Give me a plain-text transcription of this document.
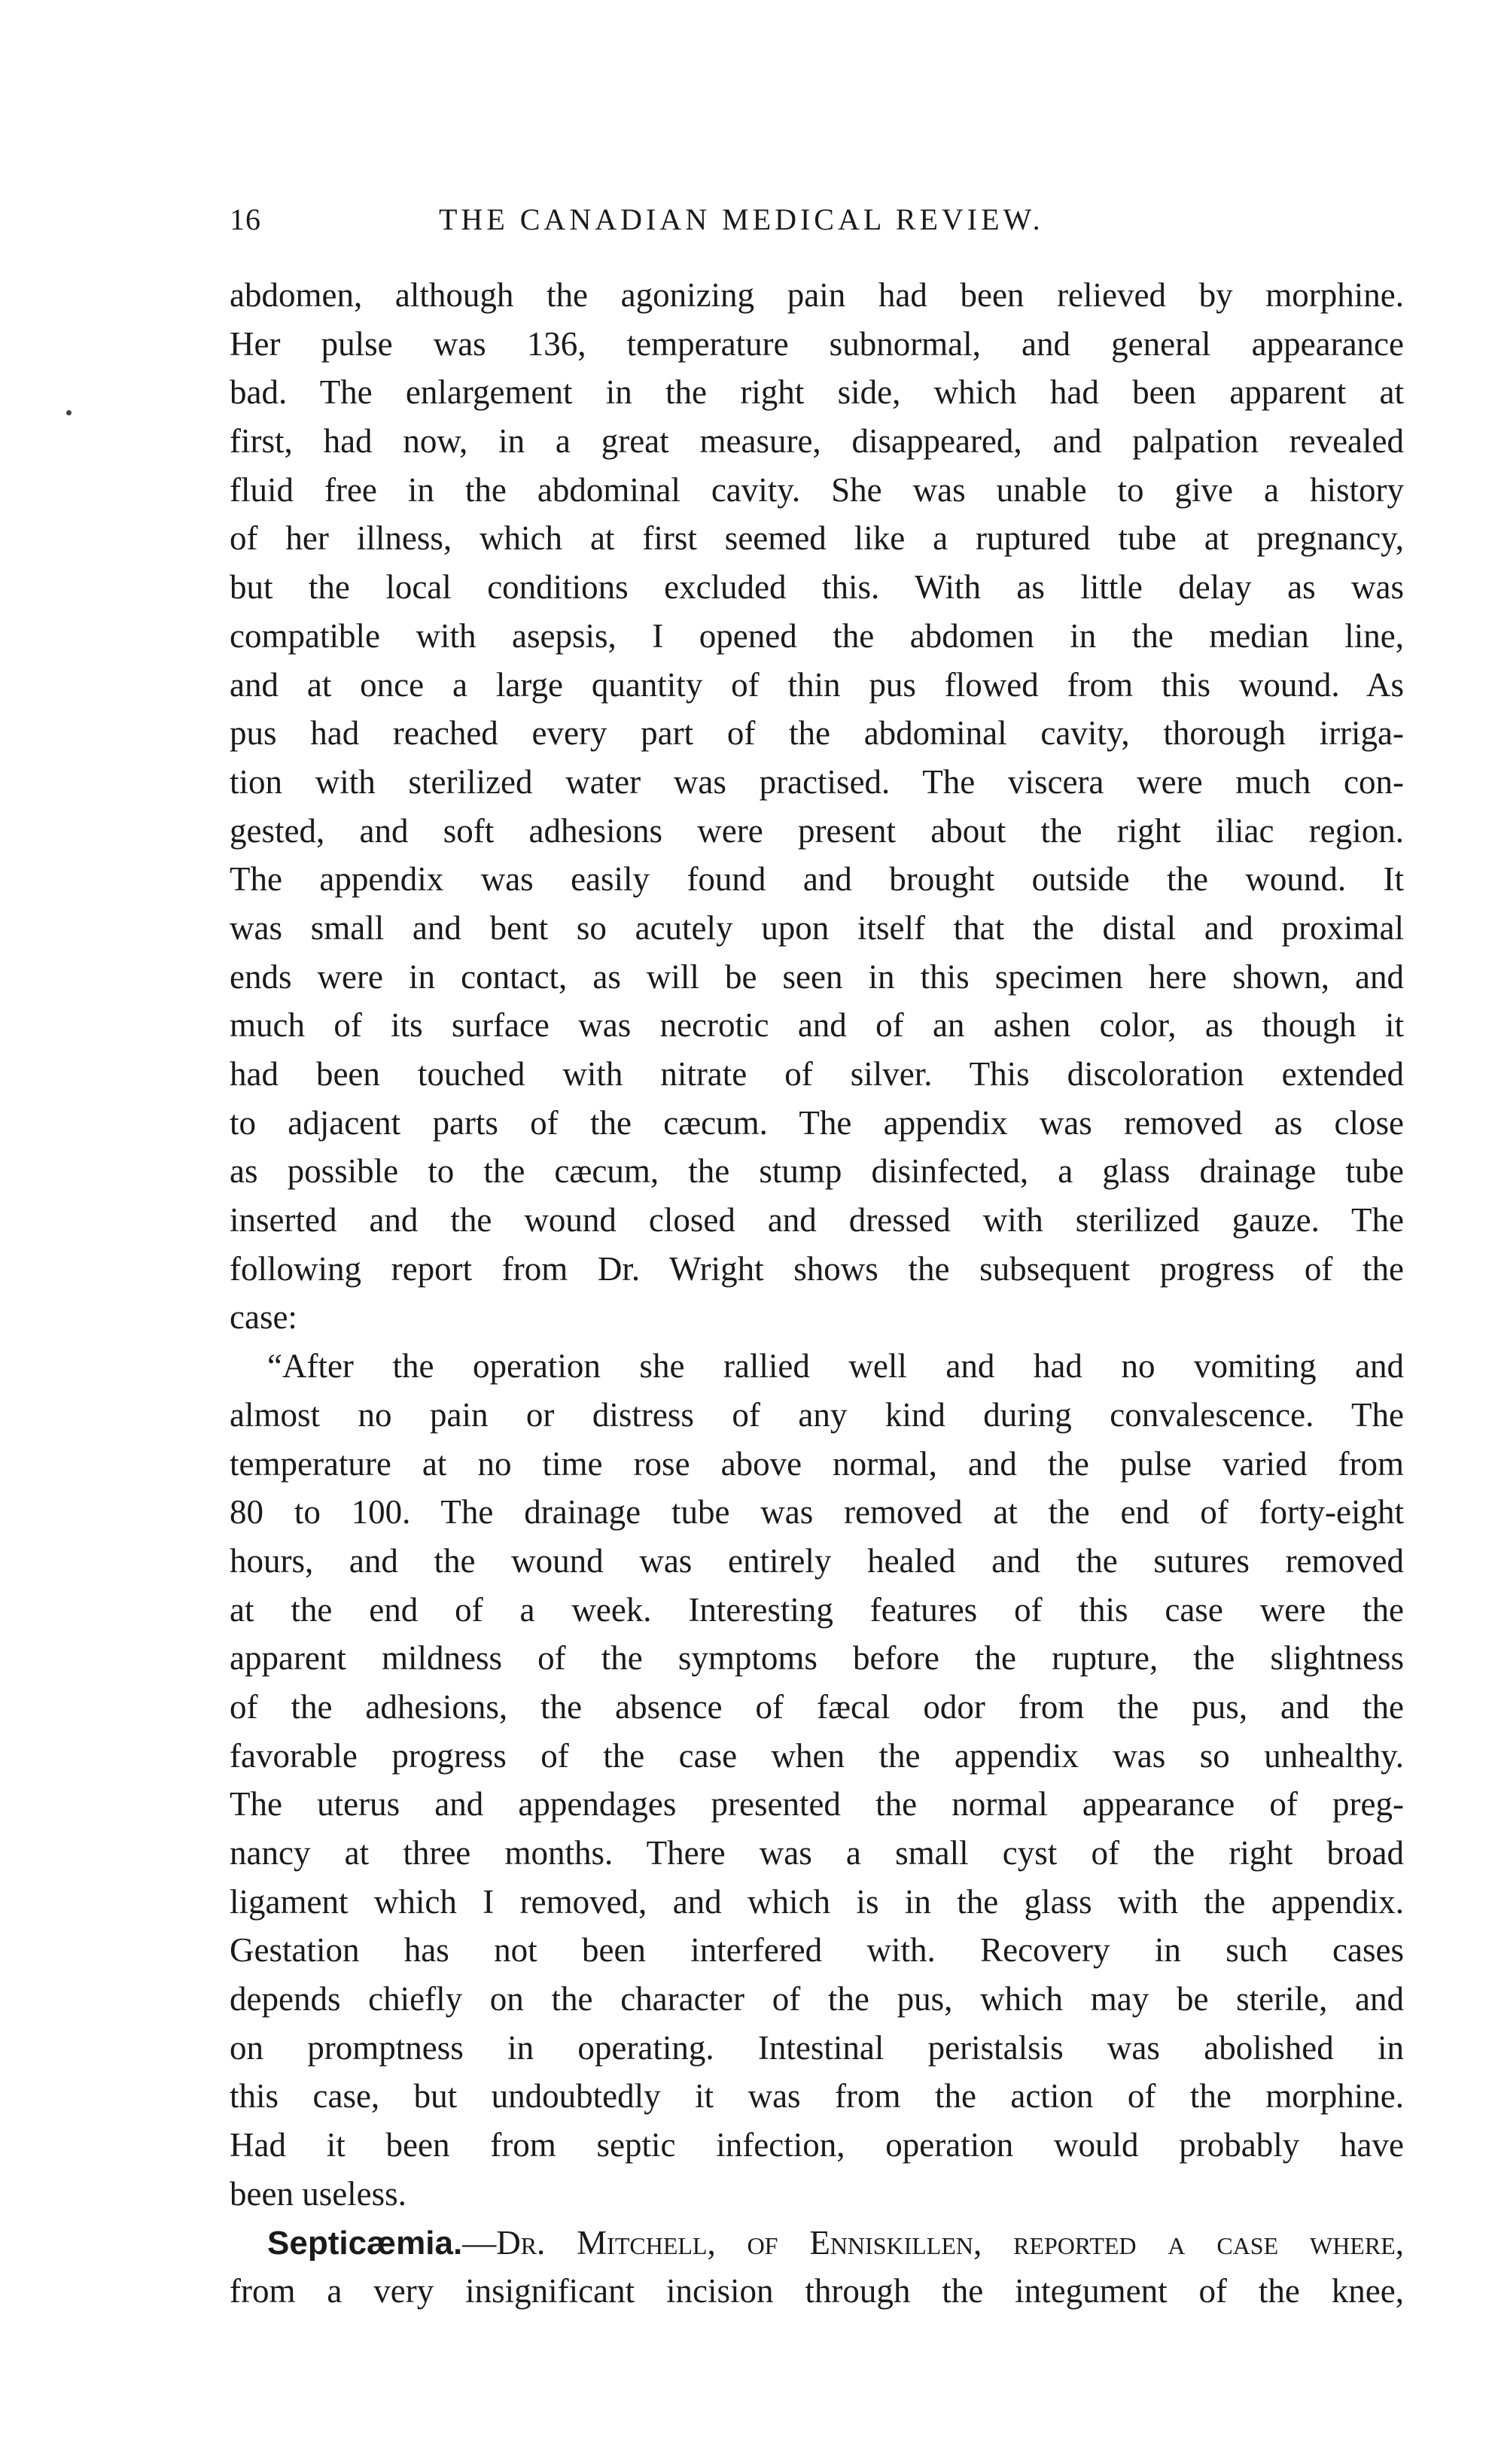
16	THE CANADIAN MEDICAL REVIEW.
abdomen, although the agonizing pain had been relieved by morphine.
Her pulse was 136, temperature subnormal, and general appearance
bad. The enlargement in the right side, which had been apparent at
first, had now, in a great measure, disappeared, and palpation revealed
fluid free in the abdominal cavity. She was unable to give a history
of her illness, which at first seemed like a ruptured tube at pregnancy,
but the local conditions excluded this. With as little delay as was
compatible with asepsis, I opened the abdomen in the median line,
and at once a large quantity of thin pus flowed from this wound. As
pus had reached every part of the abdominal cavity, thorough irriga-
tion with sterilized water was practised. The viscera were much con-
gested, and soft adhesions were present about the right iliac region.
The appendix was easily found and brought outside the wound. It
was small and bent so acutely upon itself that the distal and proximal
ends were in contact, as will be seen in this specimen here shown, and
much of its surface was necrotic and of an ashen color, as though it
had been touched with nitrate of silver. This discoloration extended
to adjacent parts of the cæcum. The appendix was removed as close
as possible to the cæcum, the stump disinfected, a glass drainage tube
inserted and the wound closed and dressed with sterilized gauze. The
following report from Dr. Wright shows the subsequent progress of the
case:
“After the operation she rallied well and had no vomiting and
almost no pain or distress of any kind during convalescence. The
temperature at no time rose above normal, and the pulse varied from
80 to 100. The drainage tube was removed at the end of forty-eight
hours, and the wound was entirely healed and the sutures removed
at the end of a week. Interesting features of this case were the
apparent mildness of the symptoms before the rupture, the slightness
of the adhesions, the absence of fæcal odor from the pus, and the
favorable progress of the case when the appendix was so unhealthy.
The uterus and appendages presented the normal appearance of preg-
nancy at three months. There was a small cyst of the right broad
ligament which I removed, and which is in the glass with the appendix.
Gestation has not been interfered with. Recovery in such cases
depends chiefly on the character of the pus, which may be sterile, and
on promptness in operating. Intestinal peristalsis was abolished in
this case, but undoubtedly it was from the action of the morphine.
Had it been from septic infection, operation would probably have
been useless.
Septicæmia.—Dr. Mitchell, of Enniskillen, reported a case where,
from a very insignificant incision through the integument of the knee,
